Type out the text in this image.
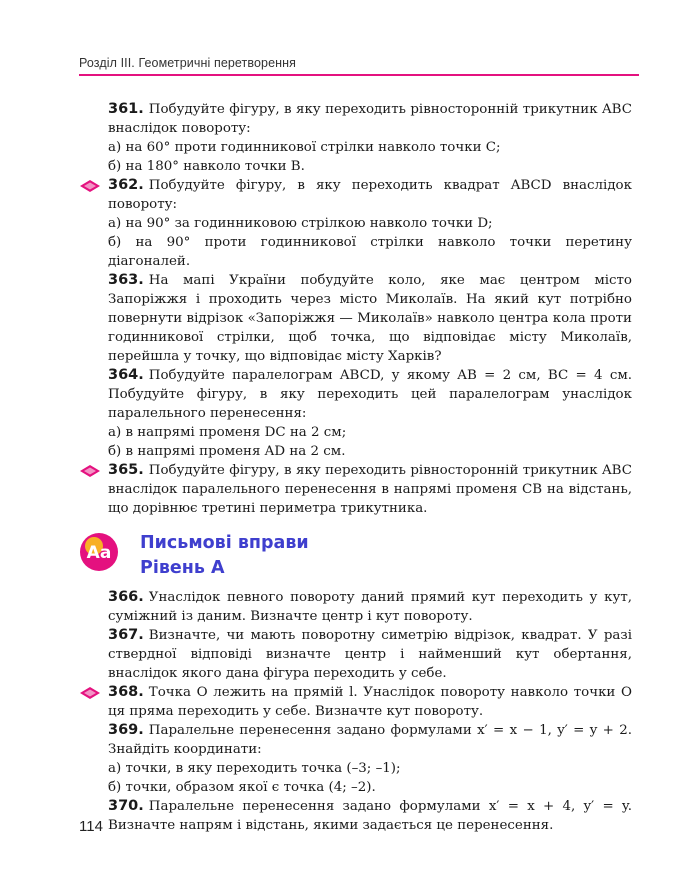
Розділ III. Геометричні перетворення

361. Побудуйте фігуру, в яку переходить рівносторонній трикутник ABC внаслідок повороту:

а) на 60° проти годинникової стрілки навколо точки C;

б) на 180° навколо точки B.

362. Побудуйте фігуру, в яку переходить квадрат ABCD внаслідок повороту:

а) на 90° за годинниковою стрілкою навколо точки D;

б) на 90° проти годинникової стрілки навколо точки перетину діагоналей.

363. На мапі України побудуйте коло, яке має центром місто Запоріжжя і проходить через місто Миколаїв. На який кут потрібно повернути відрізок «Запоріжжя — Миколаїв» навколо центра кола проти годинникової стрілки, щоб точка, що відповідає місту Миколаїв, перейшла у точку, що відповідає місту Харків?

364. Побудуйте паралелограм ABCD, у якому AB = 2 см, BC = 4 см. Побудуйте фігуру, в яку переходить цей паралелограм унаслідок паралельного перенесення:

а) в напрямі променя DC на 2 см;

б) в напрямі променя AD на 2 см.

365. Побудуйте фігуру, в яку переходить рівносторонній трикутник ABC внаслідок паралельного перенесення в напрямі променя CB на відстань, що дорівнює третині периметра трикутника.

Aa Письмові вправи
Рівень А

366. Унаслідок певного повороту даний прямий кут переходить у кут, суміжний із даним. Визначте центр і кут повороту.

367. Визначте, чи мають поворотну симетрію відрізок, квадрат. У разі ствердної відповіді визначте центр і найменший кут обертання, внаслідок якого дана фігура переходить у себе.

368. Точка O лежить на прямій l. Унаслідок повороту навколо точки O ця пряма переходить у себе. Визначте кут повороту.

369. Паралельне перенесення задано формулами x′ = x − 1, y′ = y + 2. Знайдіть координати:

а) точки, в яку переходить точка (–3; –1);

б) точки, образом якої є точка (4; –2).

370. Паралельне перенесення задано формулами x′ = x + 4, y′ = y. Визначте напрям і відстань, якими задається це перенесення.

114
